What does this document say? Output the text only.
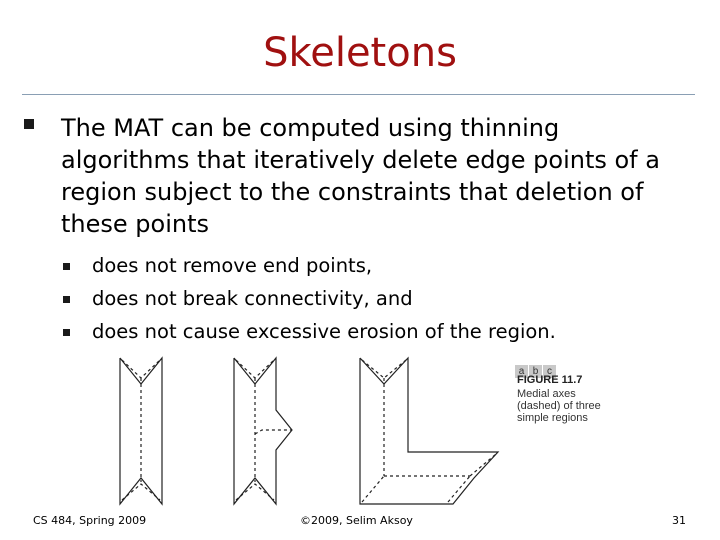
Skeletons
The MAT can be computed using thinning algorithms that iteratively delete edge points of a region subject to the constraints that deletion of these points
does not remove end points,
does not break connectivity, and
does not cause excessive erosion of the region.
a b c
FIGURE 11.7
Medial axes (dashed) of three simple regions
CS 484, Spring 2009	©2009, Selim Aksoy	31
